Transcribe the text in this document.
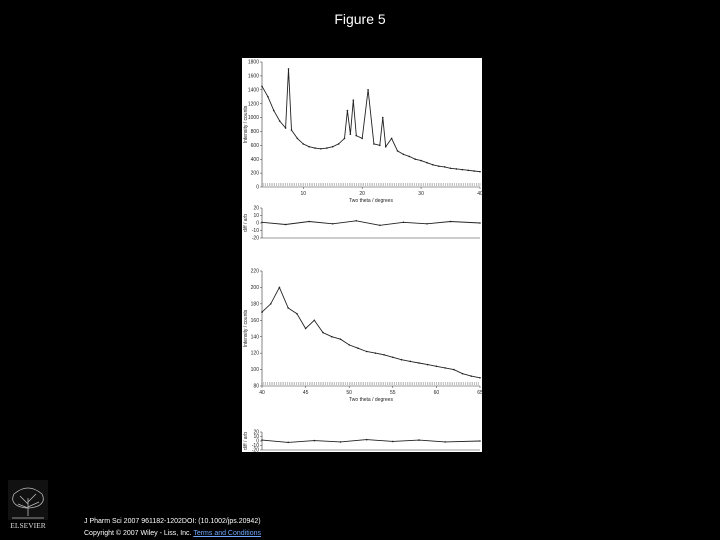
Figure 5
0
200
400
600
800
1000
1200
1400
1600
1800
10	20	30	40
Two theta / degrees
Intensity / counts
-20
-10
0
10
20
diff / arb
80
100
120
140
160
180
200
220
40	45	50	55	60	65
Two theta / degrees
Intensity / counts
-20
-10
0
10
20
diff / arb
ELSEVIER	J Pharm Sci 2007 961182-1202DOI: (10.1002/jps.20942)
Copyright © 2007 Wiley - Liss, Inc. Terms and Conditions
